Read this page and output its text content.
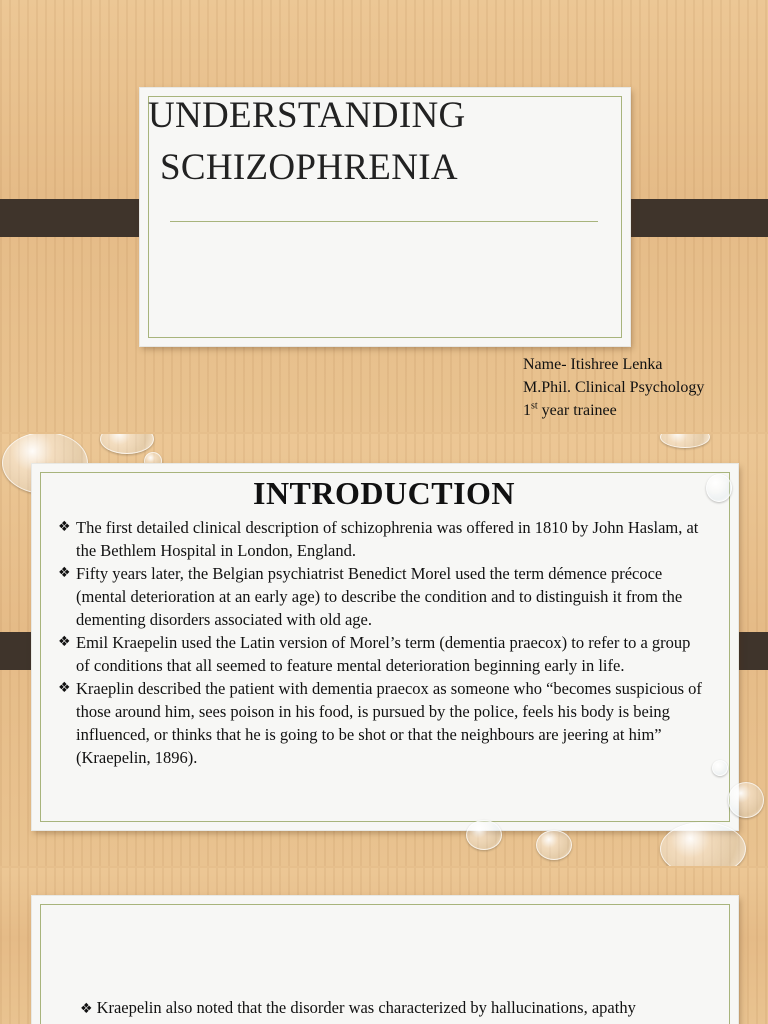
UNDERSTANDING
SCHIZOPHRENIA
Name- Itishree Lenka
M.Phil. Clinical Psychology
1st year trainee
INTRODUCTION
❖ The first detailed clinical description of schizophrenia was offered in 1810 by John Haslam, at the Bethlem Hospital in London, England.
❖ Fifty years later, the Belgian psychiatrist Benedict Morel used the term démence précoce (mental deterioration at an early age) to describe the condition and to distinguish it from the dementing disorders associated with old age.
❖ Emil Kraepelin used the Latin version of Morel’s term (dementia praecox) to refer to a group of conditions that all seemed to feature mental deterioration beginning early in life.
❖ Kraeplin described the patient with dementia praecox as someone who “becomes suspicious of those around him, sees poison in his food, is pursued by the police, feels his body is being influenced, or thinks that he is going to be shot or that the neighbours are jeering at him” (Kraepelin, 1896).
❖ Kraepelin also noted that the disorder was characterized by hallucinations, apathy
